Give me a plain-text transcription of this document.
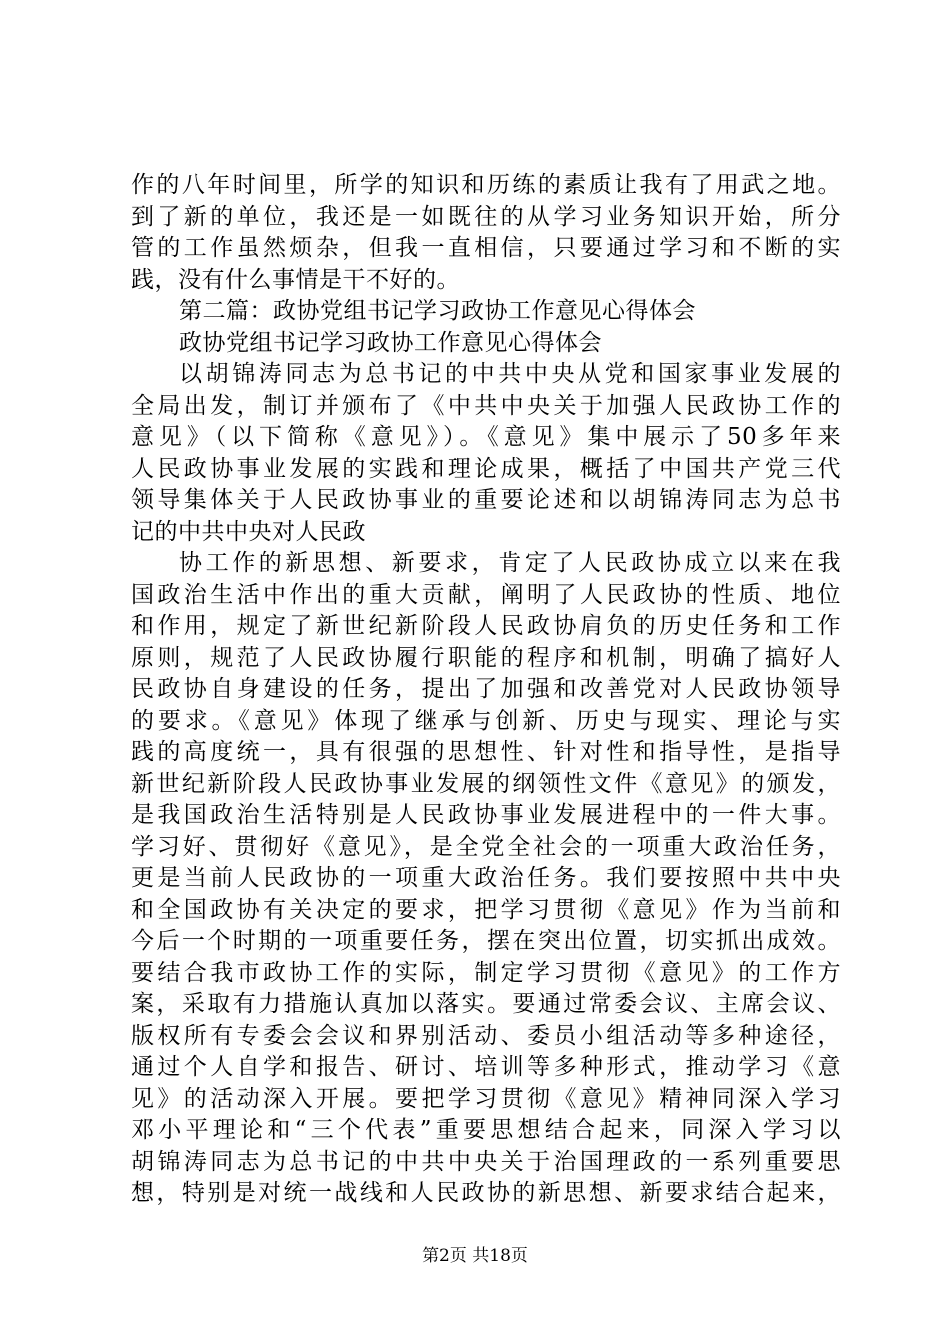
作的八年时间里，所学的知识和历练的素质让我有了用武之地。
到了新的单位，我还是一如既往的从学习业务知识开始，所分
管的工作虽然烦杂，但我一直相信，只要通过学习和不断的实
践，没有什么事情是干不好的。
第二篇：政协党组书记学习政协工作意见心得体会
政协党组书记学习政协工作意见心得体会
以胡锦涛同志为总书记的中共中央从党和国家事业发展的
全局出发，制订并颁布了《中共中央关于加强人民政协工作的
意见》（以下简称《意见》）。《意见》集中展示了50多年来
人民政协事业发展的实践和理论成果，概括了中国共产党三代
领导集体关于人民政协事业的重要论述和以胡锦涛同志为总书
记的中共中央对人民政
协工作的新思想、新要求，肯定了人民政协成立以来在我
国政治生活中作出的重大贡献，阐明了人民政协的性质、地位
和作用，规定了新世纪新阶段人民政协肩负的历史任务和工作
原则，规范了人民政协履行职能的程序和机制，明确了搞好人
民政协自身建设的任务，提出了加强和改善党对人民政协领导
的要求。《意见》体现了继承与创新、历史与现实、理论与实
践的高度统一，具有很强的思想性、针对性和指导性，是指导
新世纪新阶段人民政协事业发展的纲领性文件《意见》的颁发，
是我国政治生活特别是人民政协事业发展进程中的一件大事。
学习好、贯彻好《意见》，是全党全社会的一项重大政治任务，
更是当前人民政协的一项重大政治任务。我们要按照中共中央
和全国政协有关决定的要求，把学习贯彻《意见》作为当前和
今后一个时期的一项重要任务，摆在突出位置，切实抓出成效。
要结合我市政协工作的实际，制定学习贯彻《意见》的工作方
案，采取有力措施认真加以落实。要通过常委会议、主席会议、
版权所有专委会会议和界别活动、委员小组活动等多种途径，
通过个人自学和报告、研讨、培训等多种形式，推动学习《意
见》的活动深入开展。要把学习贯彻《意见》精神同深入学习
邓小平理论和“三个代表”重要思想结合起来，同深入学习以
胡锦涛同志为总书记的中共中央关于治国理政的一系列重要思
想，特别是对统一战线和人民政协的新思想、新要求结合起来，
第2页 共18页
